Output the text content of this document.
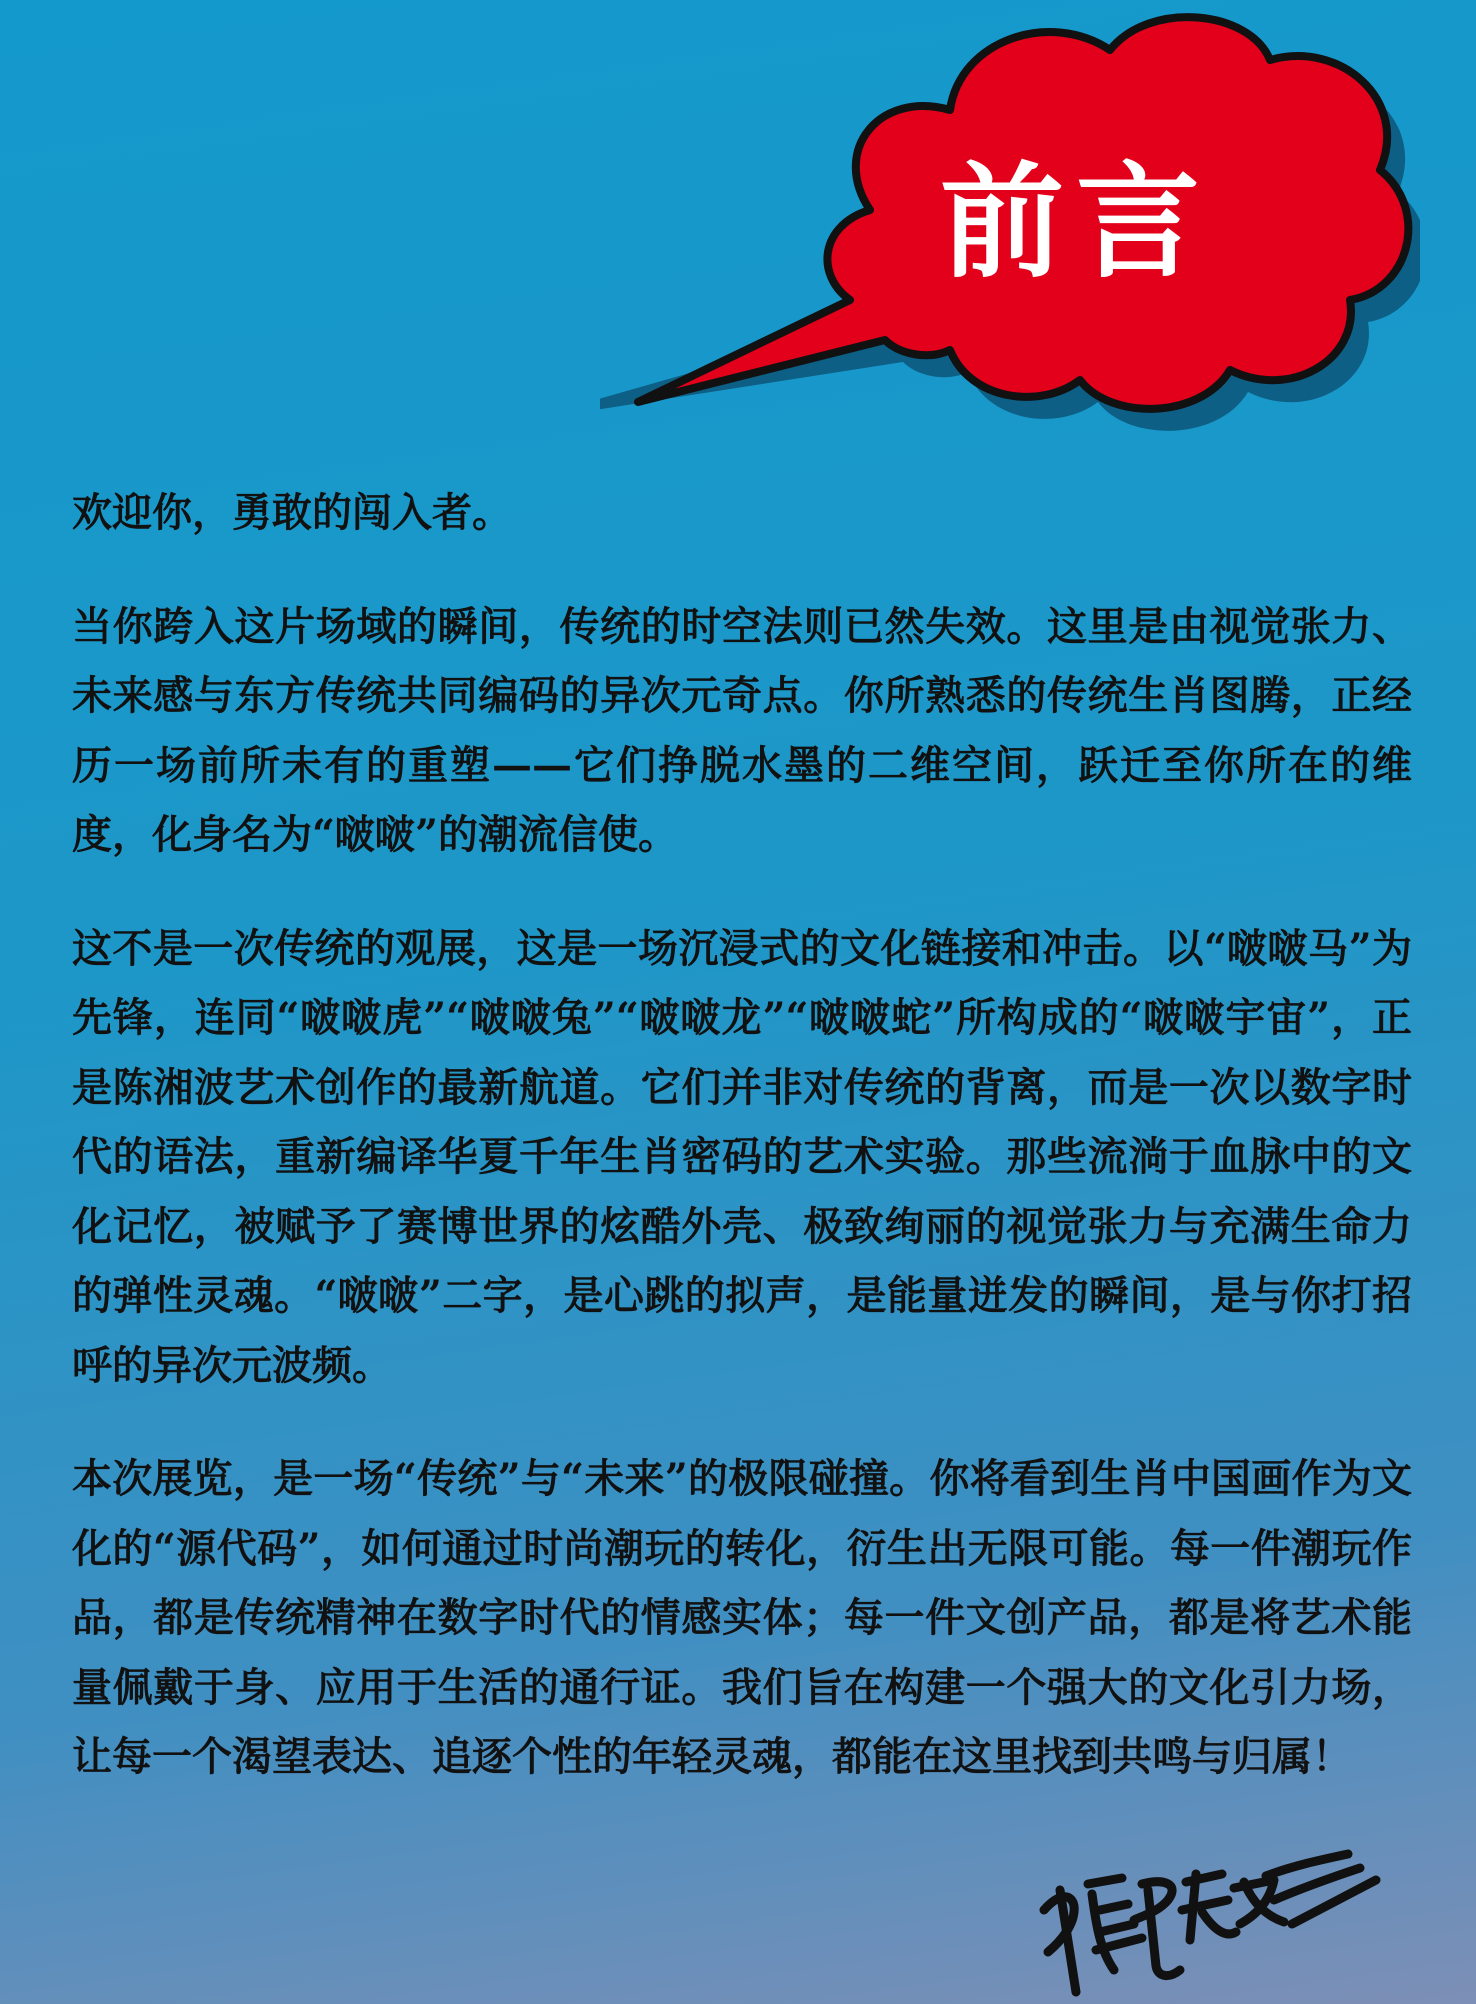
前言

欢迎你，勇敢的闯入者。

当你跨入这片场域的瞬间，传统的时空法则已然失效。这里是由视觉张力、未来感与东方传统共同编码的异次元奇点。你所熟悉的传统生肖图腾，正经历一场前所未有的重塑——它们挣脱水墨的二维空间，跃迁至你所在的维度，化身名为“啵啵”的潮流信使。

这不是一次传统的观展，这是一场沉浸式的文化链接和冲击。以“啵啵马”为先锋，连同“啵啵虎”“啵啵兔”“啵啵龙”“啵啵蛇”所构成的“啵啵宇宙”，正是陈湘波艺术创作的最新航道。它们并非对传统的背离，而是一次以数字时代的语法，重新编译华夏千年生肖密码的艺术实验。那些流淌于血脉中的文化记忆，被赋予了赛博世界的炫酷外壳、极致绚丽的视觉张力与充满生命力的弹性灵魂。“啵啵”二字，是心跳的拟声，是能量迸发的瞬间，是与你打招呼的异次元波频。

本次展览，是一场“传统”与“未来”的极限碰撞。你将看到生肖中国画作为文化的“源代码”，如何通过时尚潮玩的转化，衍生出无限可能。每一件潮玩作品，都是传统精神在数字时代的情感实体；每一件文创产品，都是将艺术能量佩戴于身、应用于生活的通行证。我们旨在构建一个强大的文化引力场，让每一个渴望表达、追逐个性的年轻灵魂，都能在这里找到共鸣与归属！
